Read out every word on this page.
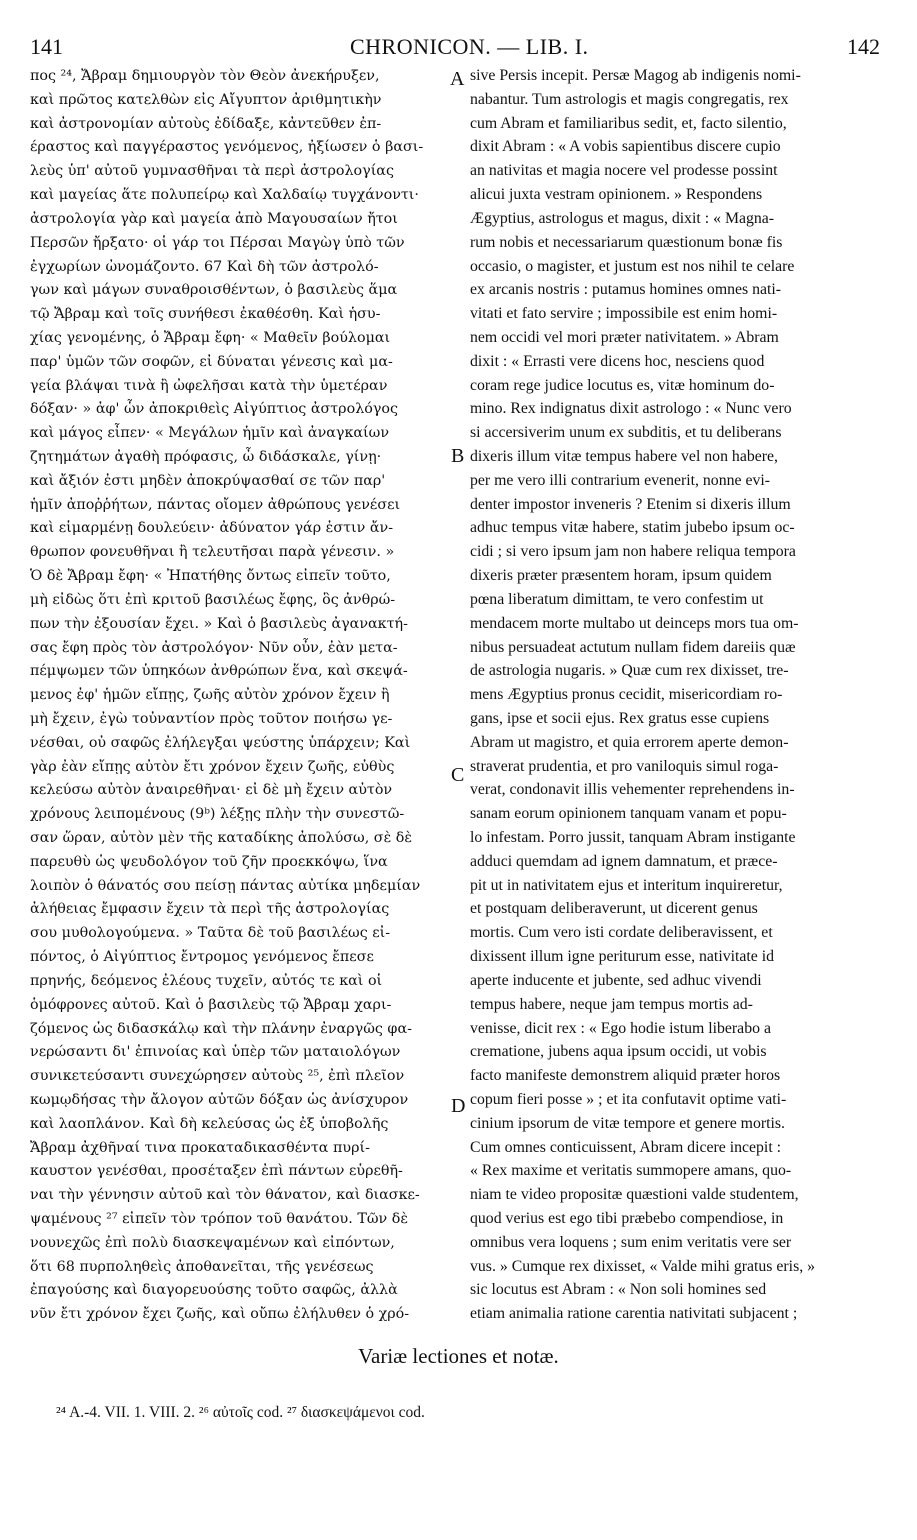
141	CHRONICON. — LIB. I.	142
πος ²⁴, Ἄβραμ δημιουργὸν τὸν Θεὸν ἀνεκήρυξεν,
καὶ πρῶτος κατελθὼν εἰς Αἴγυπτον ἀριθμητικὴν
καὶ ἀστρονομίαν αὐτοὺς ἐδίδαξε, κἀντεῦθεν ἐπ-
έραστος καὶ παγγέραστος γενόμενος, ἠξίωσεν ὁ βασι-
λεὺς ὑπ' αὐτοῦ γυμνασθῆναι τὰ περὶ ἀστρολογίας
καὶ μαγείας ἅτε πολυπείρῳ καὶ Χαλδαίῳ τυγχάνοντι·
ἀστρολογία γὰρ καὶ μαγεία ἀπὸ Μαγουσαίων ἤτοι
Περσῶν ἤρξατο· οἱ γάρ τοι Πέρσαι Μαγὼγ ὑπὸ τῶν
ἐγχωρίων ὠνομάζοντο. 67 Καὶ δὴ τῶν ἀστρολό-
γων καὶ μάγων συναθροισθέντων, ὁ βασιλεὺς ἅμα
τῷ Ἄβραμ καὶ τοῖς συνήθεσι ἐκαθέσθη. Καὶ ἡσυ-
χίας γενομένης, ὁ Ἄβραμ ἔφη· « Μαθεῖν βούλομαι
παρ' ὑμῶν τῶν σοφῶν, εἰ δύναται γένεσις καὶ μα-
γεία βλάψαι τινὰ ἢ ὠφελῆσαι κατὰ τὴν ὑμετέραν
δόξαν· » ἀφ' ὧν ἀποκριθεὶς Αἰγύπτιος ἀστρολόγος
καὶ μάγος εἶπεν· « Μεγάλων ἡμῖν καὶ ἀναγκαίων
ζητημάτων ἀγαθὴ πρόφασις, ὦ διδάσκαλε, γίνῃ·
καὶ ἄξιόν ἐστι μηδὲν ἀποκρύψασθαί σε τῶν παρ'
ἡμῖν ἀποῤῥήτων, πάντας οἴομεν ἀθρώπους γενέσει
καὶ εἱμαρμένῃ δουλεύειν· ἀδύνατον γάρ ἐστιν ἄν-
θρωπον φονευθῆναι ἢ τελευτῆσαι παρὰ γένεσιν. »
Ὁ δὲ Ἄβραμ ἔφη· « Ἠπατήθης ὄντως εἰπεῖν τοῦτο,
μὴ εἰδὼς ὅτι ἐπὶ κριτοῦ βασιλέως ἔφης, ὃς ἀνθρώ-
πων τὴν ἐξουσίαν ἔχει. » Καὶ ὁ βασιλεὺς ἀγανακτή-
σας ἔφη πρὸς τὸν ἀστρολόγον· Νῦν οὖν, ἐὰν μετα-
πέμψωμεν τῶν ὑπηκόων ἀνθρώπων ἕνα, καὶ σκεψά-
μενος ἐφ' ἡμῶν εἴπῃς, ζωῆς αὐτὸν χρόνον ἔχειν ἢ
μὴ ἔχειν, ἐγὼ τοὐναντίον πρὸς τοῦτον ποιήσω γε-
νέσθαι, οὐ σαφῶς ἐλήλεγξαι ψεύστης ὑπάρχειν; Καὶ
γὰρ ἐὰν εἴπῃς αὐτὸν ἔτι χρόνον ἔχειν ζωῆς, εὐθὺς
κελεύσω αὐτὸν ἀναιρεθῆναι· εἰ δὲ μὴ ἔχειν αὐτὸν
χρόνους λειπομένους (9ᵇ) λέξῃς πλὴν τὴν συνεστῶ-
σαν ὥραν, αὐτὸν μὲν τῆς καταδίκης ἀπολύσω, σὲ δὲ
παρευθὺ ὡς ψευδολόγον τοῦ ζῆν προεκκόψω, ἵνα
λοιπὸν ὁ θάνατός σου πείσῃ πάντας αὐτίκα μηδεμίαν
ἀλήθειας ἔμφασιν ἔχειν τὰ περὶ τῆς ἀστρολογίας
σου μυθολογούμενα. » Ταῦτα δὲ τοῦ βασιλέως εἰ-
πόντος, ὁ Αἰγύπτιος ἔντρομος γενόμενος ἔπεσε
πρηνής, δεόμενος ἐλέους τυχεῖν, αὐτός τε καὶ οἱ
ὁμόφρονες αὐτοῦ. Καὶ ὁ βασιλεὺς τῷ Ἄβραμ χαρι-
ζόμενος ὡς διδασκάλῳ καὶ τὴν πλάνην ἐναργῶς φα-
νερώσαντι δι' ἐπινοίας καὶ ὑπὲρ τῶν ματαιολόγων
συνικετεύσαντι συνεχώρησεν αὐτοὺς ²⁵, ἐπὶ πλεῖον
κωμῳδήσας τὴν ἄλογον αὐτῶν δόξαν ὡς ἀνίσχυρον
καὶ λαοπλάνον. Καὶ δὴ κελεύσας ὡς ἐξ ὑποβολῆς
Ἄβραμ ἀχθῆναί τινα προκαταδικασθέντα πυρί-
καυστον γενέσθαι, προσέταξεν ἐπὶ πάντων εὑρεθῆ-
ναι τὴν γέννησιν αὐτοῦ καὶ τὸν θάνατον, καὶ διασκε-
ψαμένους ²⁷ εἰπεῖν τὸν τρόπον τοῦ θανάτου. Τῶν δὲ
νουνεχῶς ἐπὶ πολὺ διασκεψαμένων καὶ εἰπόντων,
ὅτι 68 πυρποληθεὶς ἀποθανεῖται, τῆς γενέσεως
ἐπαγούσης καὶ διαγορευούσης τοῦτο σαφῶς, ἀλλὰ
νῦν ἔτι χρόνον ἔχει ζωῆς, καὶ οὔπω ἐλήλυθεν ὁ χρό-
A
B
C
D
sive Persis incepit. Persæ Magog ab indigenis nomi-
nabantur. Tum astrologis et magis congregatis, rex
cum Abram et familiaribus sedit, et, facto silentio,
dixit Abram : « A vobis sapientibus discere cupio
an nativitas et magia nocere vel prodesse possint
alicui juxta vestram opinionem. » Respondens
Ægyptius, astrologus et magus, dixit : « Magna-
rum nobis et necessariarum quæstionum bonæ fis
occasio, o magister, et justum est nos nihil te celare
ex arcanis nostris : putamus homines omnes nati-
vitati et fato servire ; impossibile est enim homi-
nem occidi vel mori præter nativitatem. » Abram
dixit : « Errasti vere dicens hoc, nesciens quod
coram rege judice locutus es, vitæ hominum do-
mino. Rex indignatus dixit astrologo : « Nunc vero
si accersiverim unum ex subditis, et tu deliberans
dixeris illum vitæ tempus habere vel non habere,
per me vero illi contrarium evenerit, nonne evi-
denter impostor inveneris ? Etenim si dixeris illum
adhuc tempus vitæ habere, statim jubebo ipsum oc-
cidi ; si vero ipsum jam non habere reliqua tempora
dixeris præter præsentem horam, ipsum quidem
pœna liberatum dimittam, te vero confestim ut
mendacem morte multabo ut deinceps mors tua om-
nibus persuadeat actutum nullam fidem dareiis quæ
de astrologia nugaris. » Quæ cum rex dixisset, tre-
mens Ægyptius pronus cecidit, misericordiam ro-
gans, ipse et socii ejus. Rex gratus esse cupiens
Abram ut magistro, et quia errorem aperte demon-
straverat prudentia, et pro vaniloquis simul roga-
verat, condonavit illis vehementer reprehendens in-
sanam eorum opinionem tanquam vanam et popu-
lo infestam. Porro jussit, tanquam Abram instigante
adduci quemdam ad ignem damnatum, et præce-
pit ut in nativitatem ejus et interitum inquireretur,
et postquam deliberaverunt, ut dicerent genus
mortis. Cum vero isti cordate deliberavissent, et
dixissent illum igne periturum esse, nativitate id
aperte inducente et jubente, sed adhuc vivendi
tempus habere, neque jam tempus mortis ad-
venisse, dicit rex : « Ego hodie istum liberabo a
crematione, jubens aqua ipsum occidi, ut vobis
facto manifeste demonstrem aliquid præter horos
copum fieri posse » ; et ita confutavit optime vati-
cinium ipsorum de vitæ tempore et genere mortis.
Cum omnes conticuissent, Abram dicere incepit :
« Rex maxime et veritatis summopere amans, quo-
niam te video propositæ quæstioni valde studentem,
quod verius est ego tibi præbebo compendiose, in
omnibus vera loquens ; sum enim veritatis vere ser
vus. » Cumque rex dixisset, « Valde mihi gratus eris, »
sic locutus est Abram : « Non soli homines sed
etiam animalia ratione carentia nativitati subjacent ;
Variæ lectiones et notæ.
²⁴ A.-4. VII. 1. VIII. 2. ²⁶ αὐτοῖς cod. ²⁷ διασκεψάμενοι cod.
